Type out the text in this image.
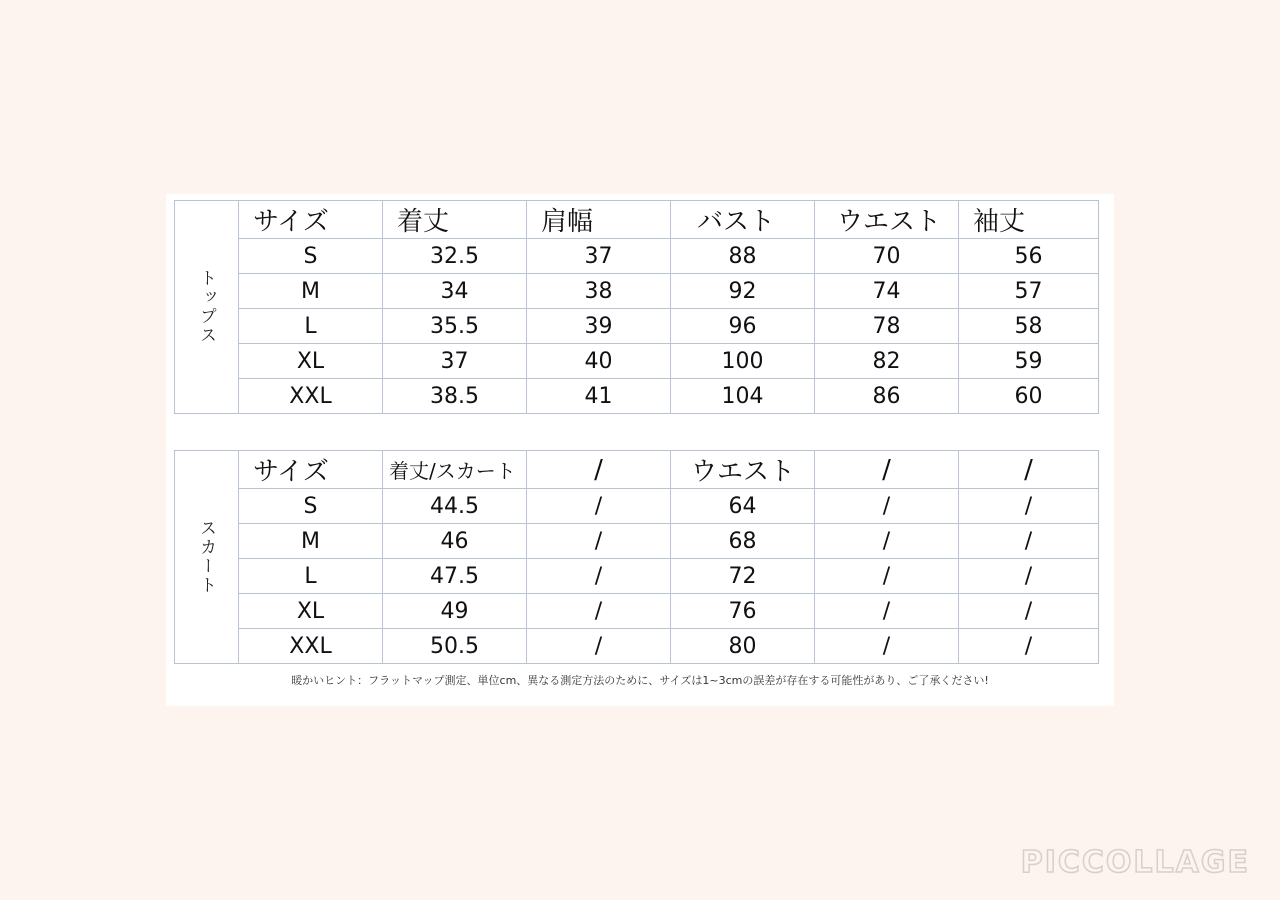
トップス	サイズ	着丈	肩幅	バスト	ウエスト	袖丈
	S	32.5	37	88	70	56
	M	34	38	92	74	57
	L	35.5	39	96	78	58
	XL	37	40	100	82	59
	XXL	38.5	41	104	86	60
スカート	サイズ	着丈/スカート	/	ウエスト	/	/
	S	44.5	/	64	/	/
	M	46	/	68	/	/
	L	47.5	/	72	/	/
	XL	49	/	76	/	/
	XXL	50.5	/	80	/	/
暖かいヒント：フラットマップ測定、単位cm、異なる測定方法のために、サイズは1~3cmの誤差が存在する可能性があり、ご了承ください!
PICCOLLAGE
